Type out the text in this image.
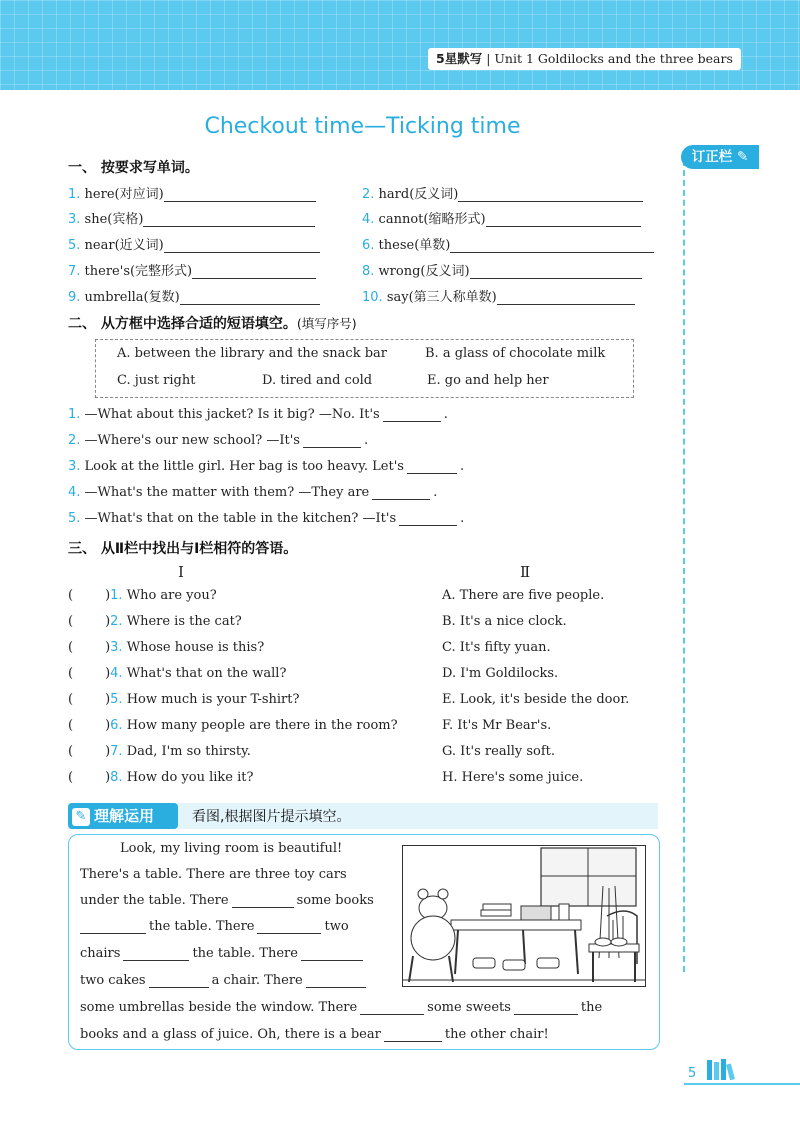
5星默写 | Unit 1 Goldilocks and the three bears
订正栏 ✎
Checkout time—Ticking time
一、 按要求写单词。
1. here(对应词)	2. hard(反义词)
3. she(宾格)	4. cannot(缩略形式)
5. near(近义词)	6. these(单数)
7. there's(完整形式)	8. wrong(反义词)
9. umbrella(复数)	10. say(第三人称单数)
二、 从方框中选择合适的短语填空。(填写序号)
A. between the library and the snack bar	B. a glass of chocolate milk
C. just right	D. tired and cold	E. go and help her
1. —What about this jacket? Is it big? —No. It's	.
2. —Where's our new school? —It's	.
3. Look at the little girl. Her bag is too heavy. Let's	.
4. —What's the matter with them? —They are	.
5. —What's that on the table in the kitchen? —It's	.
三、 从Ⅱ栏中找出与Ⅰ栏相符的答语。
Ⅰ	Ⅱ
( )1. Who are you?	A. There are five people.
( )2. Where is the cat?	B. It's a nice clock.
( )3. Whose house is this?	C. It's fifty yuan.
( )4. What's that on the wall?	D. I'm Goldilocks.
( )5. How much is your T-shirt?	E. Look, it's beside the door.
( )6. How many people are there in the room?	F. It's Mr Bear's.
( )7. Dad, I'm so thirsty.	G. It's really soft.
( )8. How do you like it?	H. Here's some juice.
✎ 理解运用	看图,根据图片提示填空。
Look, my living room is beautiful!
There's a table. There are three toy cars
under the table. There	some books
the table. There	two
chairs	the table. There
two cakes	a chair. There
some umbrellas beside the window. There	some sweets	the
books and a glass of juice. Oh, there is a bear	the other chair!
5
